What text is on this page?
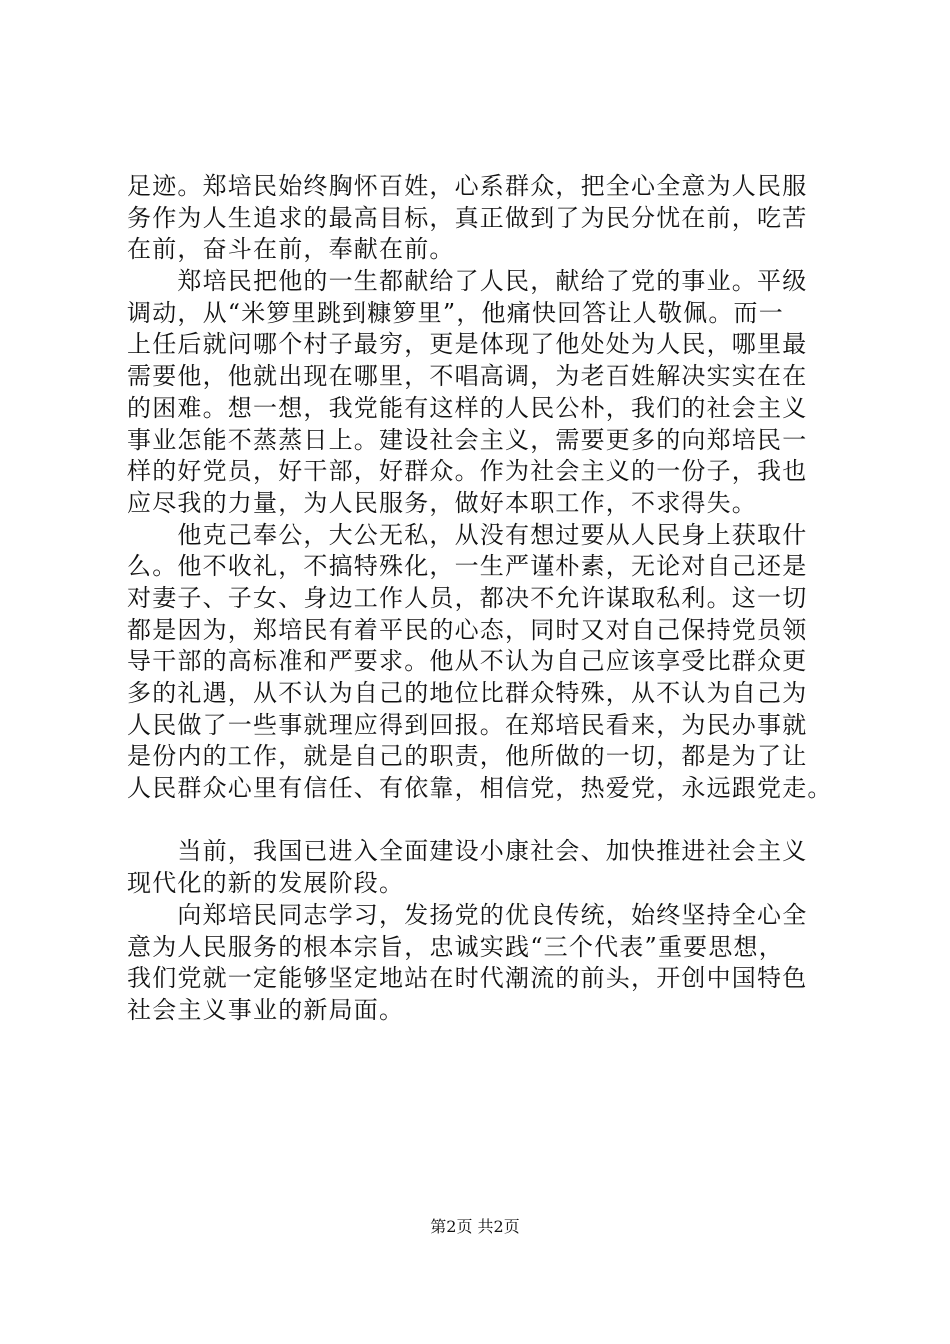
足迹。郑培民始终胸怀百姓，心系群众，把全心全意为人民服
务作为人生追求的最高目标，真正做到了为民分忧在前，吃苦
在前，奋斗在前，奉献在前。
　　郑培民把他的一生都献给了人民，献给了党的事业。平级
调动，从“米箩里跳到糠箩里”，他痛快回答让人敬佩。而一
上任后就问哪个村子最穷，更是体现了他处处为人民，哪里最
需要他，他就出现在哪里，不唱高调，为老百姓解决实实在在
的困难。想一想，我党能有这样的人民公朴，我们的社会主义
事业怎能不蒸蒸日上。建设社会主义，需要更多的向郑培民一
样的好党员，好干部，好群众。作为社会主义的一份子，我也
应尽我的力量，为人民服务，做好本职工作，不求得失。
　　他克己奉公，大公无私，从没有想过要从人民身上获取什
么。他不收礼，不搞特殊化，一生严谨朴素，无论对自己还是
对妻子、子女、身边工作人员，都决不允许谋取私利。这一切
都是因为，郑培民有着平民的心态，同时又对自己保持党员领
导干部的高标准和严要求。他从不认为自己应该享受比群众更
多的礼遇，从不认为自己的地位比群众特殊，从不认为自己为
人民做了一些事就理应得到回报。在郑培民看来，为民办事就
是份内的工作，就是自己的职责，他所做的一切，都是为了让
人民群众心里有信任、有依靠，相信党，热爱党，永远跟党走。
　　当前，我国已进入全面建设小康社会、加快推进社会主义
现代化的新的发展阶段。
　　向郑培民同志学习，发扬党的优良传统，始终坚持全心全
意为人民服务的根本宗旨，忠诚实践“三个代表”重要思想，
我们党就一定能够坚定地站在时代潮流的前头，开创中国特色
社会主义事业的新局面。
第2页 共2页
